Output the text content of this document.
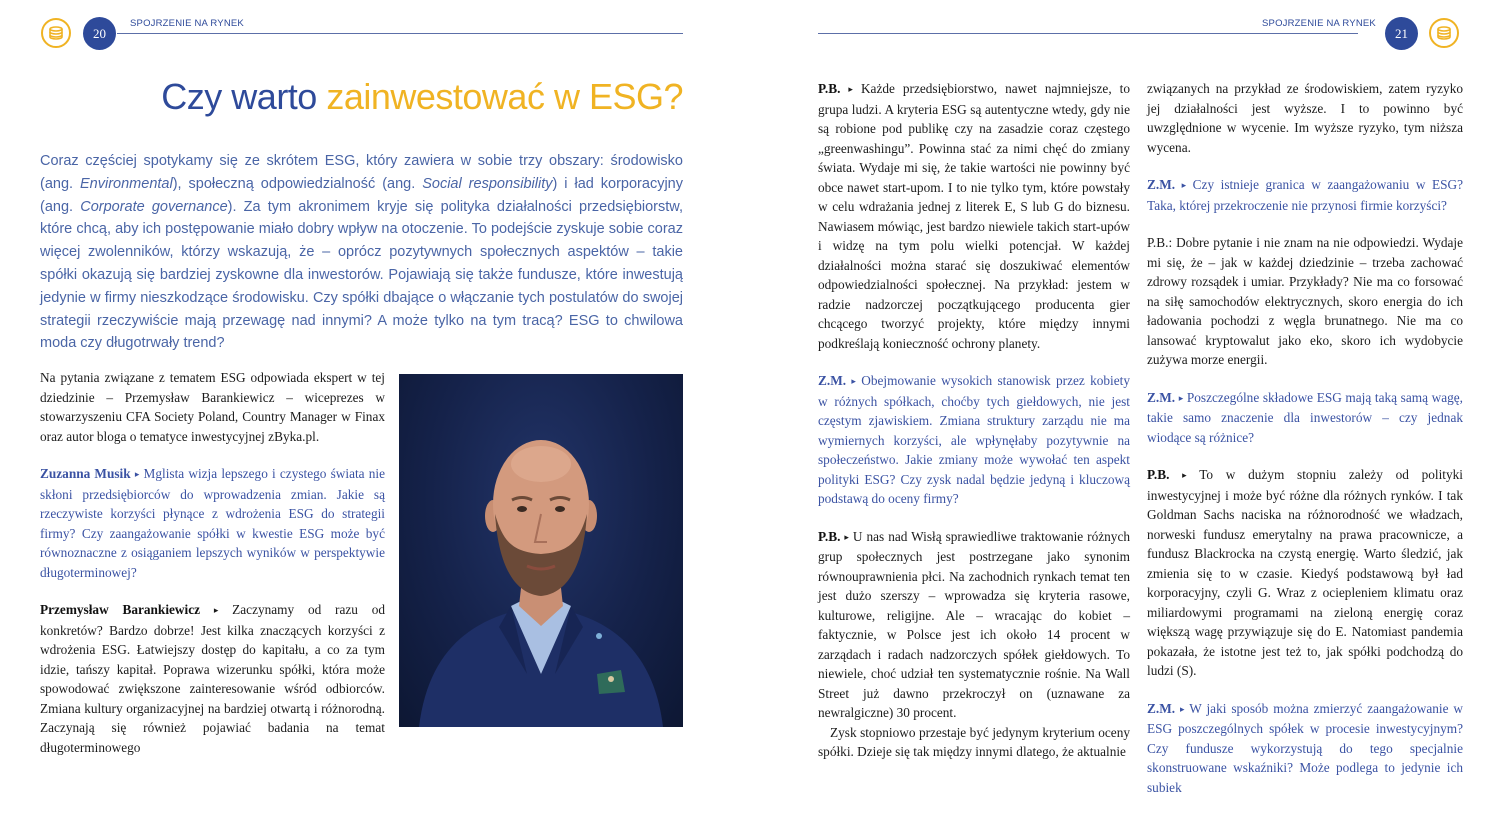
20
SPOJRZENIE NA RYNEK
Czy warto zainwestować w ESG?

Coraz częściej spotykamy się ze skrótem ESG, który zawiera w sobie trzy obszary: środowisko (ang. Environmental), społeczną odpowiedzialność (ang. Social responsibility) i ład korporacyjny (ang. Corporate governance). Za tym akronimem kryje się polityka działalności przedsiębiorstw, które chcą, aby ich postępowanie miało dobry wpływ na otoczenie. To podejście zyskuje sobie coraz więcej zwolenników, którzy wskazują, że – oprócz pozytywnych społecznych aspektów – takie spółki okazują się bardziej zyskowne dla inwestorów. Pojawiają się także fundusze, które inwestują jedynie w firmy nieszkodzące środowisku. Czy spółki dbające o włączanie tych postulatów do swojej strategii rzeczywiście mają przewagę nad innymi? A może tylko na tym tracą? ESG to chwilowa moda czy długotrwały trend?

Na pytania związane z tematem ESG odpowiada ekspert w tej dziedzinie – Przemysław Barankiewicz – wiceprezes w stowarzyszeniu CFA Society Poland, Country Manager w Finax oraz autor bloga o tematyce inwestycyjnej zByka.pl.

Zuzanna Musik ▸ Mglista wizja lepszego i czystego świata nie skłoni przedsiębiorców do wprowadzenia zmian. Jakie są rzeczywiste korzyści płynące z wdrożenia ESG do strategii firmy? Czy zaangażowanie spółki w kwestie ESG może być równoznaczne z osiąganiem lepszych wyników w perspektywie długoterminowej?

Przemysław Barankiewicz ▸ Zaczynamy od razu od konkretów? Bardzo dobrze! Jest kilka znaczących korzyści z wdrożenia ESG. Łatwiejszy dostęp do kapitału, a co za tym idzie, tańszy kapitał. Poprawa wizerunku spółki, która może spowodować zwiększone zainteresowanie wśród odbiorców. Zmiana kultury organizacyjnej na bardziej otwartą i różnorodną. Zaczynają się również pojawiać badania na temat długoterminowego

SPOJRZENIE NA RYNEK
21

P.B. ▸ Każde przedsiębiorstwo, nawet najmniejsze, to grupa ludzi. A kryteria ESG są autentyczne wtedy, gdy nie są robione pod publikę czy na zasadzie coraz częstego „greenwashingu”. Powinna stać za nimi chęć do zmiany świata. Wydaje mi się, że takie wartości nie powinny być obce nawet start-upom. I to nie tylko tym, które powstały w celu wdrażania jednej z literek E, S lub G do biznesu. Nawiasem mówiąc, jest bardzo niewiele takich start-upów i widzę na tym polu wielki potencjał. W każdej działalności można starać się doszukiwać elementów odpowiedzialności społecznej. Na przykład: jestem w radzie nadzorczej początkującego producenta gier chcącego tworzyć projekty, które między innymi podkreślają konieczność ochrony planety.

Z.M. ▸ Obejmowanie wysokich stanowisk przez kobiety w różnych spółkach, choćby tych giełdowych, nie jest częstym zjawiskiem. Zmiana struktury zarządu nie ma wymiernych korzyści, ale wpłynęłaby pozytywnie na społeczeństwo. Jakie zmiany może wywołać ten aspekt polityki ESG? Czy zysk nadal będzie jedyną i kluczową podstawą do oceny firmy?

P.B. ▸ U nas nad Wisłą sprawiedliwe traktowanie różnych grup społecznych jest postrzegane jako synonim równouprawnienia płci. Na zachodnich rynkach temat ten jest dużo szerszy – wprowadza się kryteria rasowe, kulturowe, religijne. Ale – wracając do kobiet – faktycznie, w Polsce jest ich około 14 procent w zarządach i radach nadzorczych spółek giełdowych. To niewiele, choć udział ten systematycznie rośnie. Na Wall Street już dawno przekroczył on (uznawane za newralgiczne) 30 procent.

Zysk stopniowo przestaje być jedynym kryterium oceny spółki. Dzieje się tak między innymi dlatego, że aktualnie

związanych na przykład ze środowiskiem, zatem ryzyko jej działalności jest wyższe. I to powinno być uwzględnione w wycenie. Im wyższe ryzyko, tym niższa wycena.

Z.M. ▸ Czy istnieje granica w zaangażowaniu w ESG? Taka, której przekroczenie nie przynosi firmie korzyści?

P.B.: Dobre pytanie i nie znam na nie odpowiedzi. Wydaje mi się, że – jak w każdej dziedzinie – trzeba zachować zdrowy rozsądek i umiar. Przykłady? Nie ma co forsować na siłę samochodów elektrycznych, skoro energia do ich ładowania pochodzi z węgla brunatnego. Nie ma co lansować kryptowalut jako eko, skoro ich wydobycie zużywa morze energii.

Z.M. ▸ Poszczególne składowe ESG mają taką samą wagę, takie samo znaczenie dla inwestorów – czy jednak wiodące są różnice?

P.B. ▸ To w dużym stopniu zależy od polityki inwestycyjnej i może być różne dla różnych rynków. I tak Goldman Sachs naciska na różnorodność we władzach, norweski fundusz emerytalny na prawa pracownicze, a fundusz Blackrocka na czystą energię. Warto śledzić, jak zmienia się to w czasie. Kiedyś podstawową był ład korporacyjny, czyli G. Wraz z ociepleniem klimatu oraz miliardowymi programami na zieloną energię coraz większą wagę przywiązuje się do E. Natomiast pandemia pokazała, że istotne jest też to, jak spółki podchodzą do ludzi (S).

Z.M. ▸ W jaki sposób można zmierzyć zaangażowanie w ESG poszczególnych spółek w procesie inwestycyjnym? Czy fundusze wykorzystują do tego specjalnie skonstruowane wskaźniki? Może podlega to jedynie ich subiek
